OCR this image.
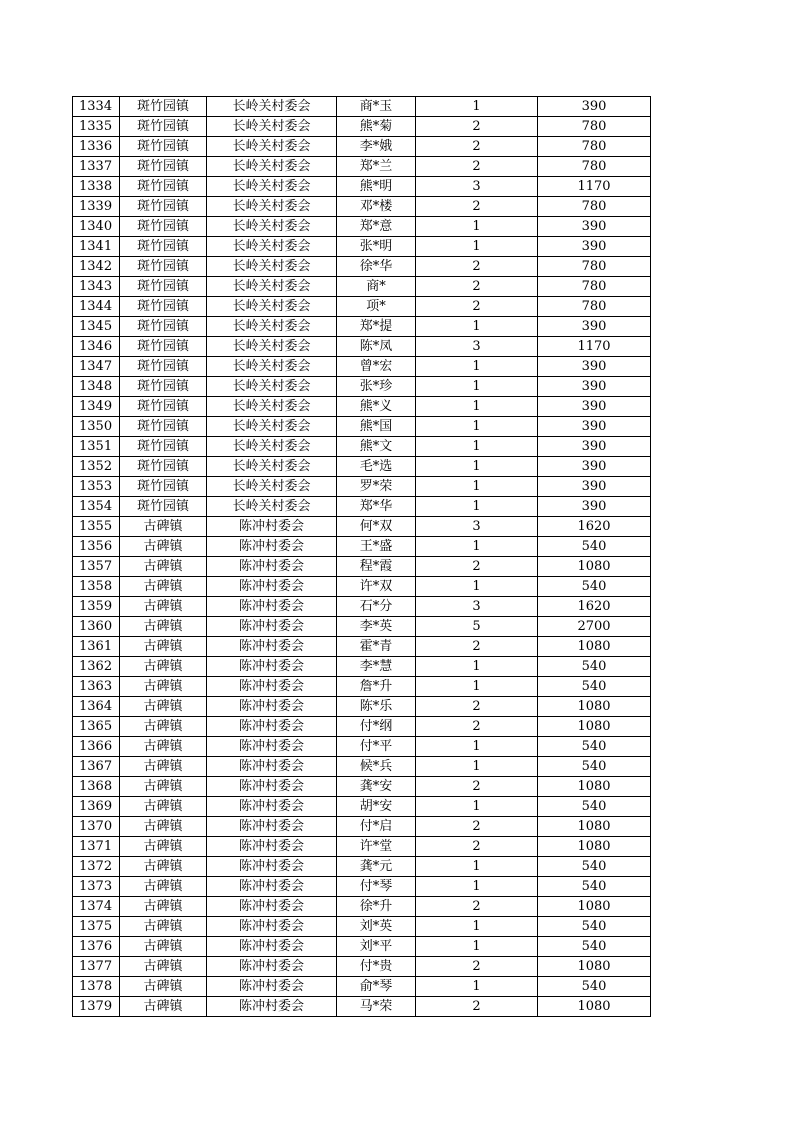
1334	斑竹园镇	长岭关村委会	商*玉	1	390
1335	斑竹园镇	长岭关村委会	熊*菊	2	780
1336	斑竹园镇	长岭关村委会	李*娥	2	780
1337	斑竹园镇	长岭关村委会	郑*兰	2	780
1338	斑竹园镇	长岭关村委会	熊*明	3	1170
1339	斑竹园镇	长岭关村委会	邓*楼	2	780
1340	斑竹园镇	长岭关村委会	郑*意	1	390
1341	斑竹园镇	长岭关村委会	张*明	1	390
1342	斑竹园镇	长岭关村委会	徐*华	2	780
1343	斑竹园镇	长岭关村委会	商*	2	780
1344	斑竹园镇	长岭关村委会	项*	2	780
1345	斑竹园镇	长岭关村委会	郑*提	1	390
1346	斑竹园镇	长岭关村委会	陈*凤	3	1170
1347	斑竹园镇	长岭关村委会	曾*宏	1	390
1348	斑竹园镇	长岭关村委会	张*珍	1	390
1349	斑竹园镇	长岭关村委会	熊*义	1	390
1350	斑竹园镇	长岭关村委会	熊*国	1	390
1351	斑竹园镇	长岭关村委会	熊*文	1	390
1352	斑竹园镇	长岭关村委会	毛*选	1	390
1353	斑竹园镇	长岭关村委会	罗*荣	1	390
1354	斑竹园镇	长岭关村委会	郑*华	1	390
1355	古碑镇	陈冲村委会	何*双	3	1620
1356	古碑镇	陈冲村委会	王*盛	1	540
1357	古碑镇	陈冲村委会	程*霞	2	1080
1358	古碑镇	陈冲村委会	许*双	1	540
1359	古碑镇	陈冲村委会	石*分	3	1620
1360	古碑镇	陈冲村委会	李*英	5	2700
1361	古碑镇	陈冲村委会	霍*青	2	1080
1362	古碑镇	陈冲村委会	李*慧	1	540
1363	古碑镇	陈冲村委会	詹*升	1	540
1364	古碑镇	陈冲村委会	陈*乐	2	1080
1365	古碑镇	陈冲村委会	付*纲	2	1080
1366	古碑镇	陈冲村委会	付*平	1	540
1367	古碑镇	陈冲村委会	候*兵	1	540
1368	古碑镇	陈冲村委会	龚*安	2	1080
1369	古碑镇	陈冲村委会	胡*安	1	540
1370	古碑镇	陈冲村委会	付*启	2	1080
1371	古碑镇	陈冲村委会	许*堂	2	1080
1372	古碑镇	陈冲村委会	龚*元	1	540
1373	古碑镇	陈冲村委会	付*琴	1	540
1374	古碑镇	陈冲村委会	徐*升	2	1080
1375	古碑镇	陈冲村委会	刘*英	1	540
1376	古碑镇	陈冲村委会	刘*平	1	540
1377	古碑镇	陈冲村委会	付*贵	2	1080
1378	古碑镇	陈冲村委会	俞*琴	1	540
1379	古碑镇	陈冲村委会	马*荣	2	1080
